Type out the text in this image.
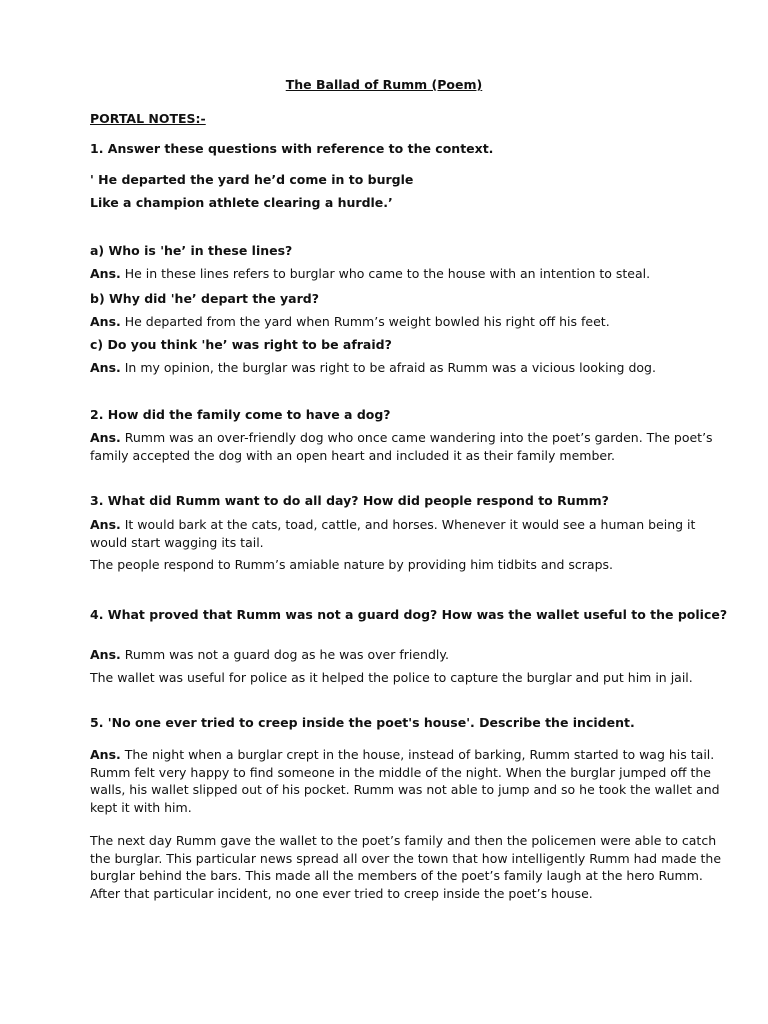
The Ballad of Rumm (Poem)
PORTAL NOTES:-
1. Answer these questions with reference to the context.
' He departed the yard he’d come in to burgle
Like a champion athlete clearing a hurdle.’
a) Who is 'he’ in these lines?
Ans. He in these lines refers to burglar who came to the house with an intention to steal.
b) Why did 'he’ depart the yard?
Ans. He departed from the yard when Rumm’s weight bowled his right off his feet.
c) Do you think 'he’ was right to be afraid?
Ans. In my opinion, the burglar was right to be afraid as Rumm was a vicious looking dog.
2. How did the family come to have a dog?
Ans. Rumm was an over-friendly dog who once came wandering into the poet’s garden. The poet’s family accepted the dog with an open heart and included it as their family member.
3. What did Rumm want to do all day? How did people respond to Rumm?
Ans. It would bark at the cats, toad, cattle, and horses. Whenever it would see a human being it would start wagging its tail.
The people respond to Rumm’s amiable nature by providing him tidbits and scraps.
4. What proved that Rumm was not a guard dog? How was the wallet useful to the police?
Ans. Rumm was not a guard dog as he was over friendly.
The wallet was useful for police as it helped the police to capture the burglar and put him in jail.
5. 'No one ever tried to creep inside the poet's house'. Describe the incident.
Ans. The night when a burglar crept in the house, instead of barking, Rumm started to wag his tail. Rumm felt very happy to find someone in the middle of the night. When the burglar jumped off the walls, his wallet slipped out of his pocket. Rumm was not able to jump and so he took the wallet and kept it with him.
The next day Rumm gave the wallet to the poet’s family and then the policemen were able to catch the burglar. This particular news spread all over the town that how intelligently Rumm had made the burglar behind the bars. This made all the members of the poet’s family laugh at the hero Rumm. After that particular incident, no one ever tried to creep inside the poet’s house.
